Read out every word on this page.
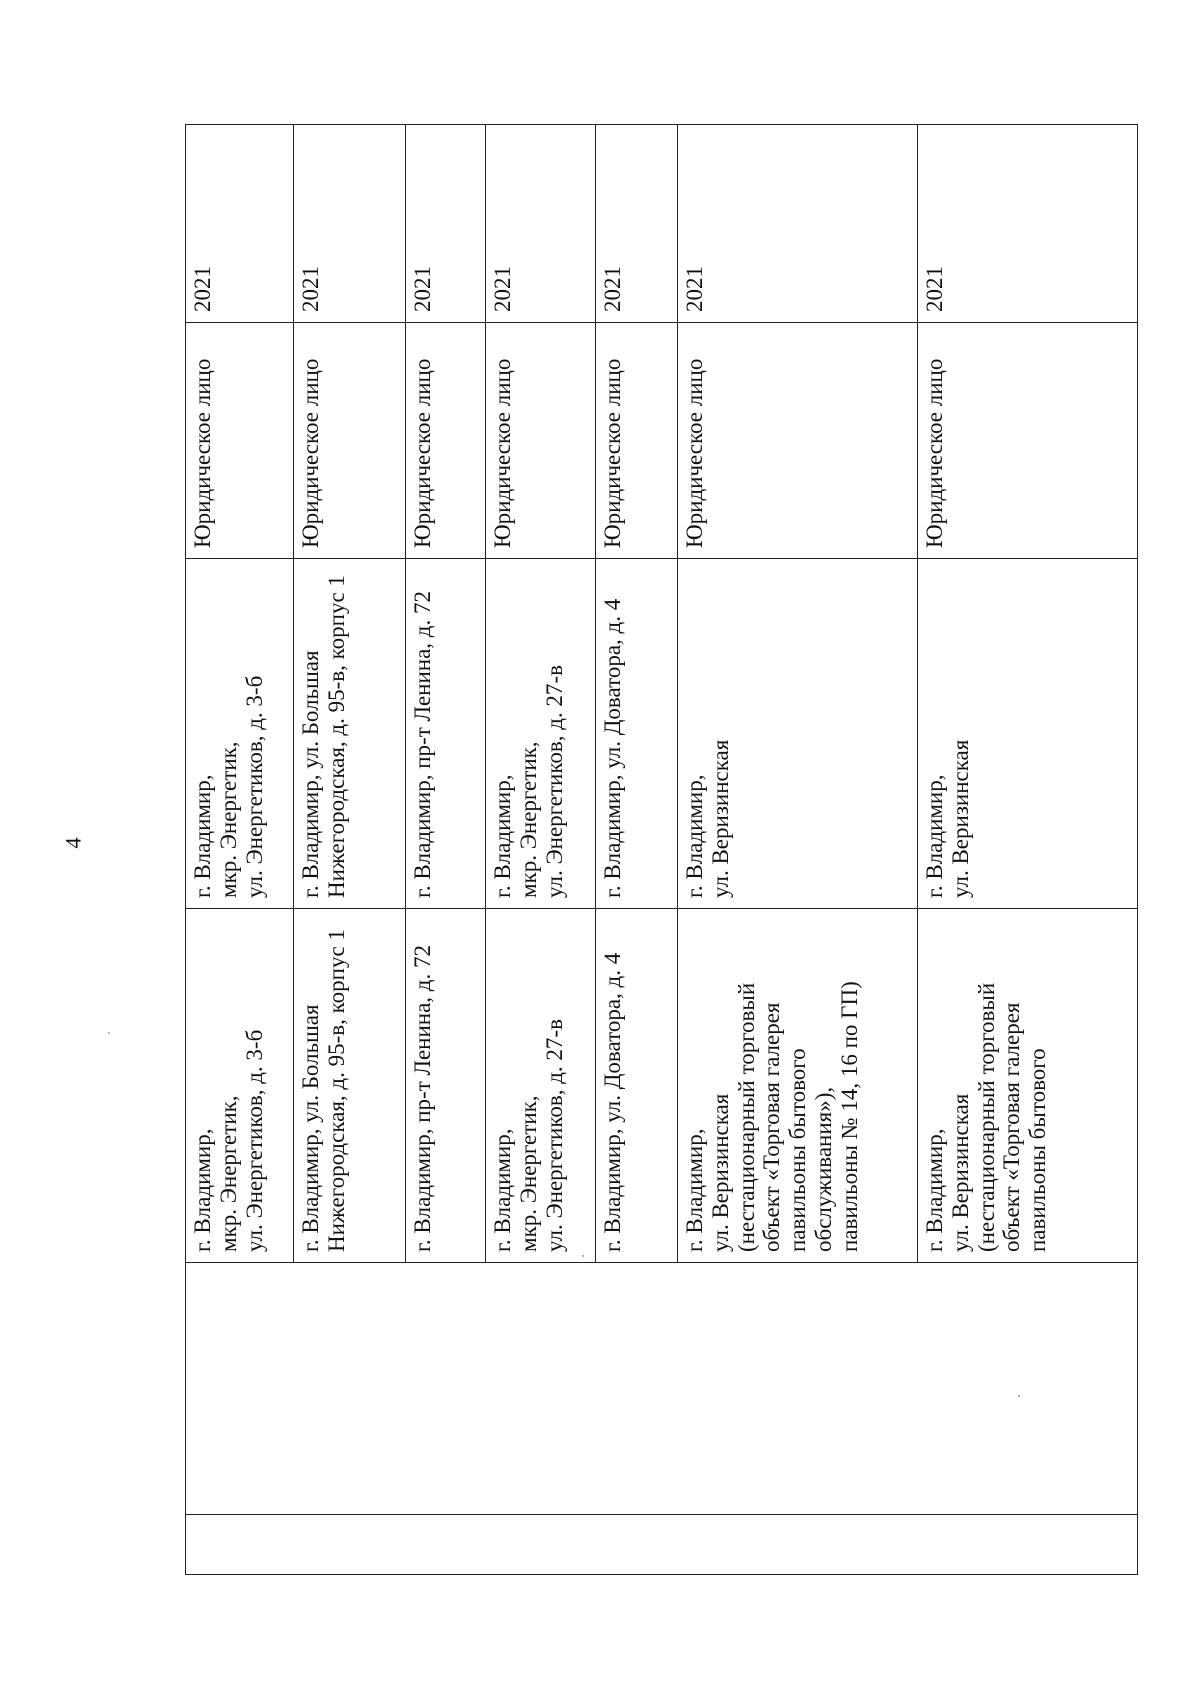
4
		г. Владимир,
мкр. Энергетик,
ул. Энергетиков, д. 3-б	г. Владимир,
мкр. Энергетик,
ул. Энергетиков, д. 3-б	Юридическое лицо	2021
		г. Владимир, ул. Большая Нижегородская, д. 95-в, корпус 1	г. Владимир, ул. Большая Нижегородская, д. 95-в, корпус 1	Юридическое лицо	2021
		г. Владимир, пр-т Ленина, д. 72	г. Владимир, пр-т Ленина, д. 72	Юридическое лицо	2021
		г. Владимир,
мкр. Энергетик,
ул. Энергетиков, д. 27-в	г. Владимир,
мкр. Энергетик,
ул. Энергетиков, д. 27-в	Юридическое лицо	2021
		г. Владимир, ул. Доватора, д. 4	г. Владимир, ул. Доватора, д. 4	Юридическое лицо	2021
		г. Владимир,
ул. Веризинская
(нестационарный торговый объект «Торговая галерея павильоны бытового обслуживания»),
павильоны № 14, 16 по ГП)	г. Владимир,
ул. Веризинская	Юридическое лицо	2021
		г. Владимир,
ул. Веризинская
(нестационарный торговый объект «Торговая галерея павильоны бытового	г. Владимир,
ул. Веризинская	Юридическое лицо	2021
